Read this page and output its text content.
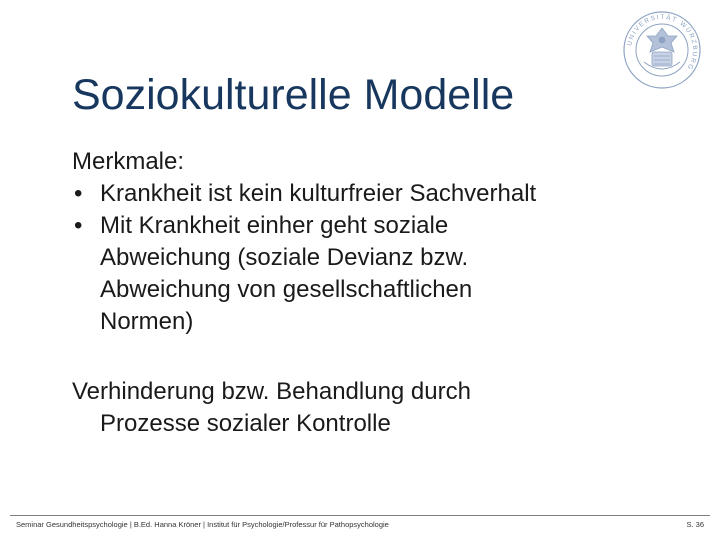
UNIVERSITÄT WÜRZBURG
Soziokulturelle Modelle
Merkmale:
• Krankheit ist kein kulturfreier Sachverhalt
• Mit Krankheit einher geht soziale
Abweichung (soziale Devianz bzw.
Abweichung von gesellschaftlichen
Normen)
Verhinderung bzw. Behandlung durch
Prozesse sozialer Kontrolle
Seminar Gesundheitspsychologie | B.Ed. Hanna Kröner | Institut für Psychologie/Professur für Pathopsychologie	S. 36
